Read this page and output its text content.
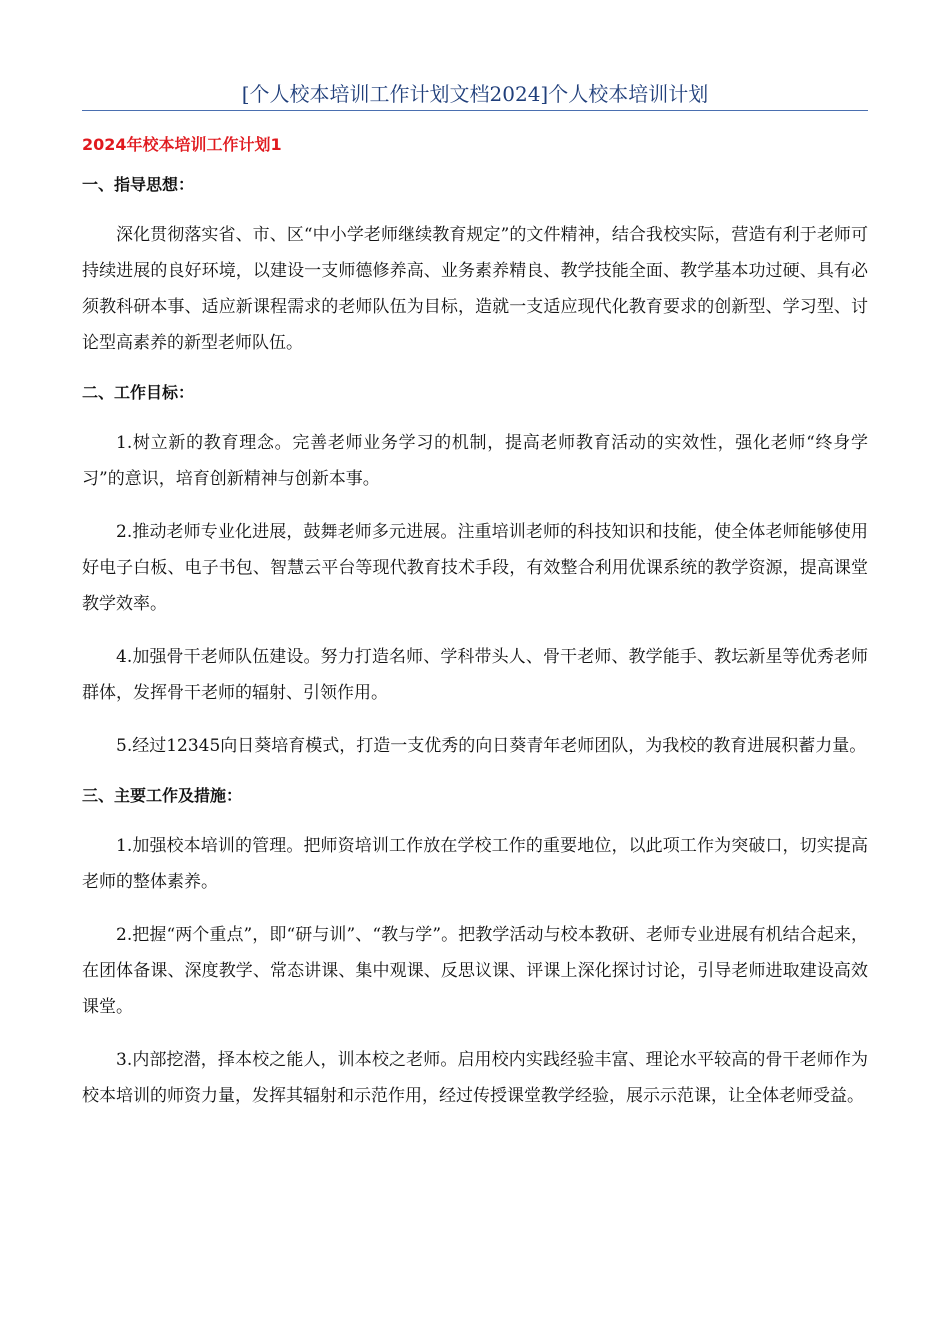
[个人校本培训工作计划文档2024]个人校本培训计划

2024年校本培训工作计划1

一、指导思想：

深化贯彻落实省、市、区“中小学老师继续教育规定”的文件精神，结合我校实际，营造有利于老师可持续进展的良好环境，以建设一支师德修养高、业务素养精良、教学技能全面、教学基本功过硬、具有必须教科研本事、适应新课程需求的老师队伍为目标，造就一支适应现代化教育要求的创新型、学习型、讨论型高素养的新型老师队伍。

二、工作目标：

1.树立新的教育理念。完善老师业务学习的机制，提高老师教育活动的实效性，强化老师“终身学习”的意识，培育创新精神与创新本事。

2.推动老师专业化进展，鼓舞老师多元进展。注重培训老师的科技知识和技能，使全体老师能够使用好电子白板、电子书包、智慧云平台等现代教育技术手段，有效整合利用优课系统的教学资源，提高课堂教学效率。

4.加强骨干老师队伍建设。努力打造名师、学科带头人、骨干老师、教学能手、教坛新星等优秀老师群体，发挥骨干老师的辐射、引领作用。

5.经过12345向日葵培育模式，打造一支优秀的向日葵青年老师团队，为我校的教育进展积蓄力量。

三、主要工作及措施：

1.加强校本培训的管理。把师资培训工作放在学校工作的重要地位，以此项工作为突破口，切实提高老师的整体素养。

2.把握“两个重点”，即“研与训”、“教与学”。把教学活动与校本教研、老师专业进展有机结合起来，在团体备课、深度教学、常态讲课、集中观课、反思议课、评课上深化探讨讨论，引导老师进取建设高效课堂。

3.内部挖潜，择本校之能人，训本校之老师。启用校内实践经验丰富、理论水平较高的骨干老师作为校本培训的师资力量，发挥其辐射和示范作用，经过传授课堂教学经验，展示示范课，让全体老师受益。
